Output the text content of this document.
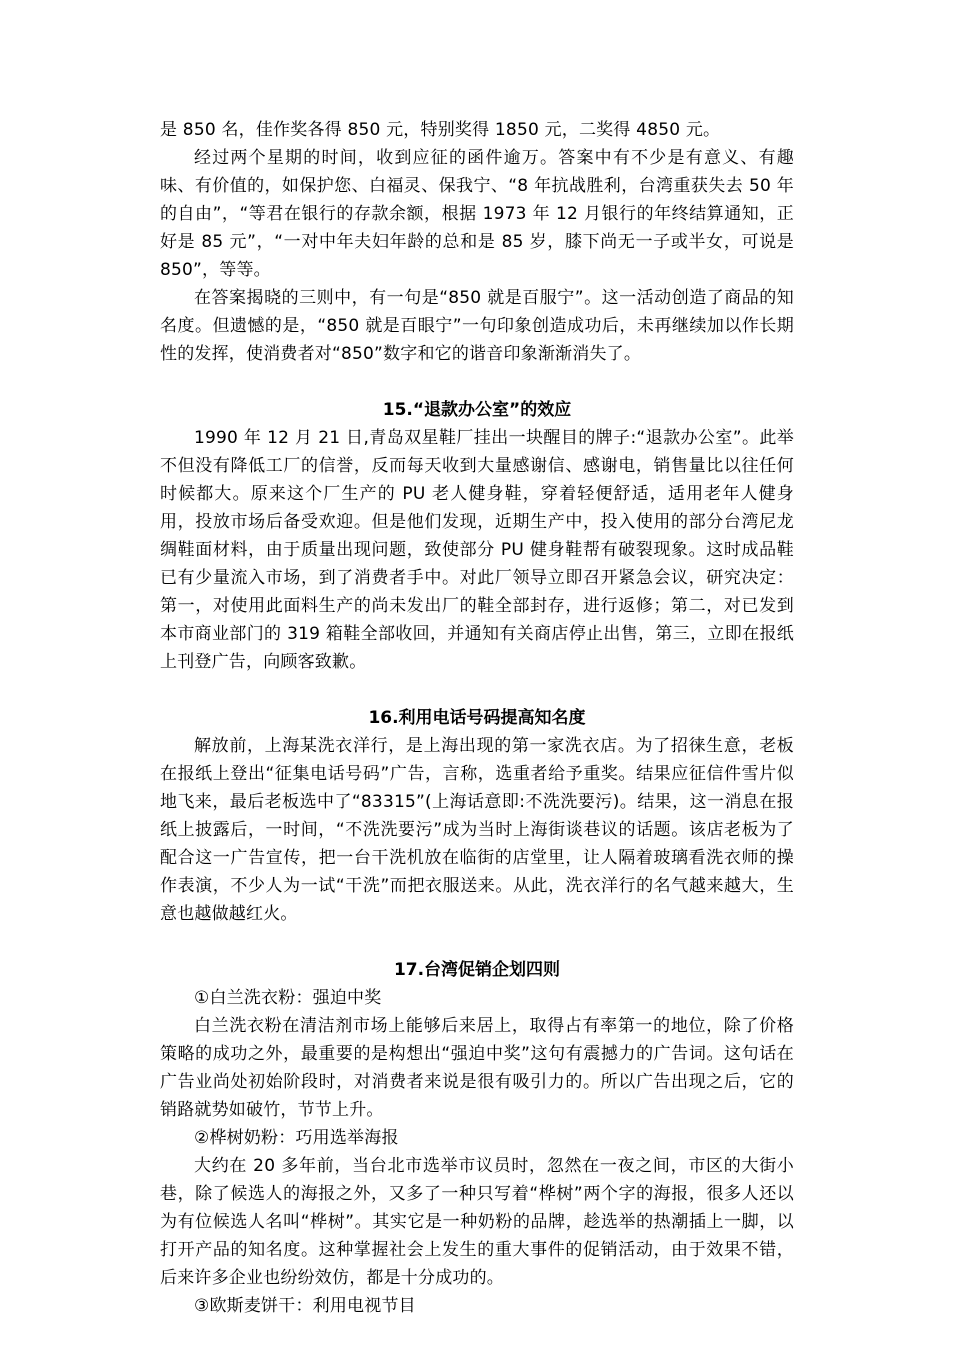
是 850 名，佳作奖各得 850 元，特别奖得 1850 元，二奖得 4850 元。

经过两个星期的时间，收到应征的函件逾万。答案中有不少是有意义、有趣味、有价值的，如保护您、白福灵、保我宁、“8 年抗战胜利，台湾重获失去 50 年的自由”，“等君在银行的存款余额，根据 1973 年 12 月银行的年终结算通知，正好是 85 元”，“一对中年夫妇年龄的总和是 85 岁，膝下尚无一子或半女，可说是 850”，等等。

在答案揭晓的三则中，有一句是“850 就是百服宁”。这一活动创造了商品的知名度。但遗憾的是，“850 就是百眼宁”一句印象创造成功后，未再继续加以作长期性的发挥，使消费者对“850”数字和它的谐音印象渐渐消失了。

15.“退款办公室”的效应

1990 年 12 月 21 日,青岛双星鞋厂挂出一块醒目的牌子:“退款办公室”。此举不但没有降低工厂的信誉，反而每天收到大量感谢信、感谢电，销售量比以往任何时候都大。原来这个厂生产的 PU 老人健身鞋，穿着轻便舒适，适用老年人健身用，投放市场后备受欢迎。但是他们发现，近期生产中，投入使用的部分台湾尼龙绸鞋面材料，由于质量出现问题，致使部分 PU 健身鞋帮有破裂现象。这时成品鞋已有少量流入市场，到了消费者手中。对此厂领导立即召开紧急会议，研究决定：第一，对使用此面料生产的尚未发出厂的鞋全部封存，进行返修；第二，对已发到本市商业部门的 319 箱鞋全部收回，并通知有关商店停止出售，第三，立即在报纸上刊登广告，向顾客致歉。

16.利用电话号码提高知名度

解放前，上海某洗衣洋行，是上海出现的第一家洗衣店。为了招徕生意，老板在报纸上登出“征集电话号码”广告，言称，选重者给予重奖。结果应征信件雪片似地飞来，最后老板选中了“83315”(上海话意即:不洗洗要污)。结果，这一消息在报纸上披露后，一时间，“不洗洗要污”成为当时上海街谈巷议的话题。该店老板为了配合这一广告宣传，把一台干洗机放在临街的店堂里，让人隔着玻璃看洗衣师的操作表演，不少人为一试“干洗”而把衣服送来。从此，洗衣洋行的名气越来越大，生意也越做越红火。

17.台湾促销企划四则

①白兰洗衣粉：强迫中奖

白兰洗衣粉在清洁剂市场上能够后来居上，取得占有率第一的地位，除了价格策略的成功之外，最重要的是构想出“强迫中奖”这句有震撼力的广告词。这句话在广告业尚处初始阶段时，对消费者来说是很有吸引力的。所以广告出现之后，它的销路就势如破竹，节节上升。

②桦树奶粉：巧用选举海报

大约在 20 多年前，当台北市选举市议员时，忽然在一夜之间，市区的大街小巷，除了候选人的海报之外，又多了一种只写着“桦树”两个字的海报，很多人还以为有位候选人名叫“桦树”。其实它是一种奶粉的品牌，趁选举的热潮插上一脚，以打开产品的知名度。这种掌握社会上发生的重大事件的促销活动，由于效果不错，后来许多企业也纷纷效仿，都是十分成功的。

③欧斯麦饼干：利用电视节目
